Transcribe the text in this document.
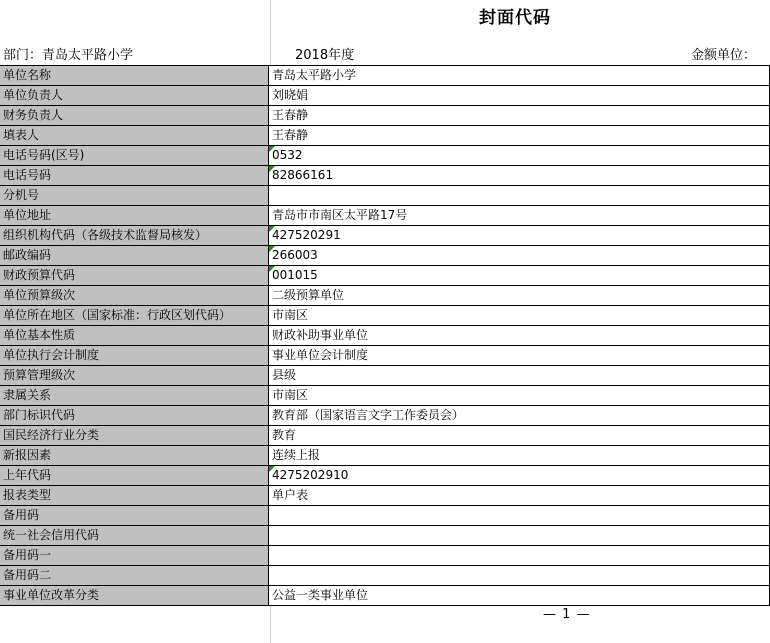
封面代码
部门：青岛太平路小学	2018年度	金额单位：
单位名称	青岛太平路小学
单位负责人	刘晓娟
财务负责人	王春静
填表人	王春静
电话号码(区号)	0532
电话号码	82866161
分机号
单位地址	青岛市市南区太平路17号
组织机构代码（各级技术监督局核发）	427520291
邮政编码	266003
财政预算代码	001015
单位预算级次	二级预算单位
单位所在地区（国家标准：行政区划代码）	市南区
单位基本性质	财政补助事业单位
单位执行会计制度	事业单位会计制度
预算管理级次	县级
隶属关系	市南区
部门标识代码	教育部（国家语言文字工作委员会）
国民经济行业分类	教育
新报因素	连续上报
上年代码	4275202910
报表类型	单户表
备用码
统一社会信用代码
备用码一
备用码二
事业单位改革分类	公益一类事业单位
— 1 —
